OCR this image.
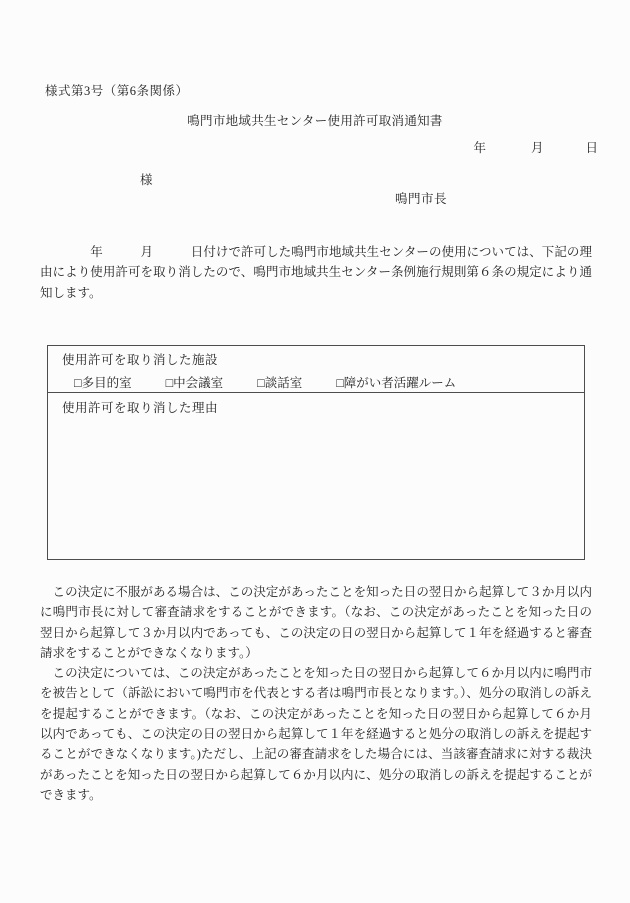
様式第3号（第6条関係）
鳴門市地域共生センター使用許可取消通知書
年	月	日
様
鳴門市長

　　　　年　　　月　　　日付けで許可した鳴門市地域共生センターの使用については、下記の理由により使用許可を取り消したので、鳴門市地域共生センター条例施行規則第６条の規定により通知します。

使用許可を取り消した施設
□多目的室	□中会議室	□談話室	□障がい者活躍ルーム
使用許可を取り消した理由

　この決定に不服がある場合は、この決定があったことを知った日の翌日から起算して３か月以内に鳴門市長に対して審査請求をすることができます。（なお、この決定があったことを知った日の翌日から起算して３か月以内であっても、この決定の日の翌日から起算して１年を経過すると審査請求をすることができなくなります。）

　この決定については、この決定があったことを知った日の翌日から起算して６か月以内に鳴門市を被告として（訴訟において鳴門市を代表とする者は鳴門市長となります。）、処分の取消しの訴えを提起することができます。（なお、この決定があったことを知った日の翌日から起算して６か月以内であっても、この決定の日の翌日から起算して１年を経過すると処分の取消しの訴えを提起することができなくなります。)ただし、上記の審査請求をした場合には、当該審査請求に対する裁決があったことを知った日の翌日から起算して６か月以内に、処分の取消しの訴えを提起することができます。
